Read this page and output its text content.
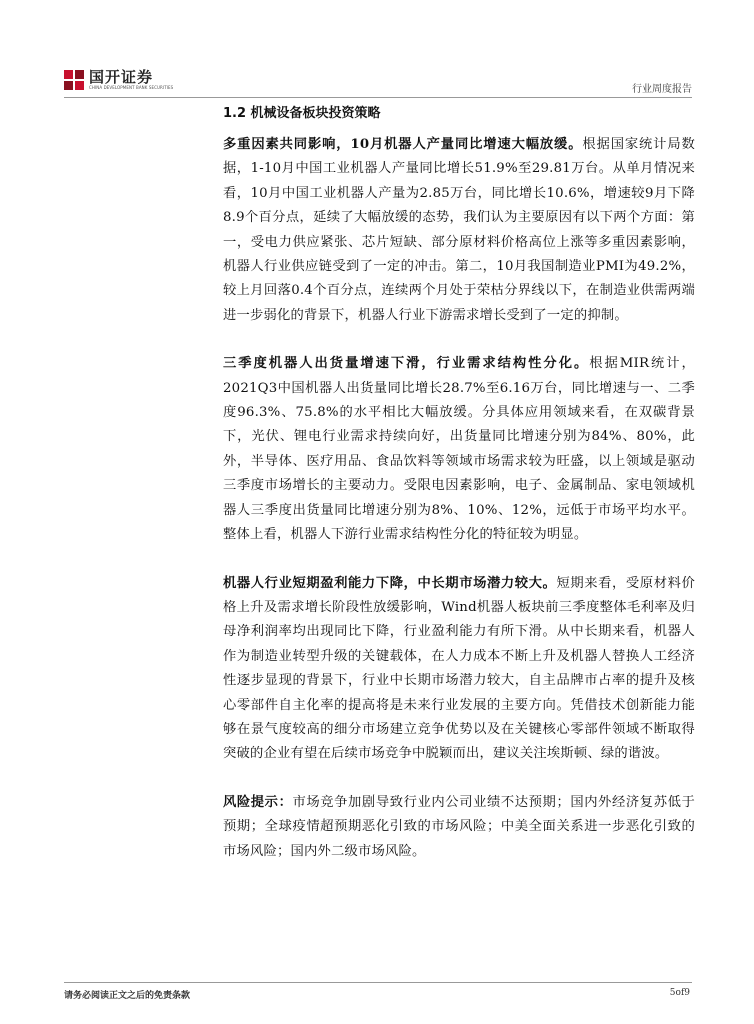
国开证券
CHINA DEVELOPMENT BANK SECURITIES	行业周度报告
1.2 机械设备板块投资策略

多重因素共同影响，10月机器人产量同比增速大幅放缓。根据国家统计局数据，1-10月中国工业机器人产量同比增长51.9%至29.81万台。从单月情况来看，10月中国工业机器人产量为2.85万台，同比增长10.6%，增速较9月下降8.9个百分点，延续了大幅放缓的态势，我们认为主要原因有以下两个方面：第一，受电力供应紧张、芯片短缺、部分原材料价格高位上涨等多重因素影响，机器人行业供应链受到了一定的冲击。第二，10月我国制造业PMI为49.2%，较上月回落0.4个百分点，连续两个月处于荣枯分界线以下，在制造业供需两端进一步弱化的背景下，机器人行业下游需求增长受到了一定的抑制。

三季度机器人出货量增速下滑，行业需求结构性分化。根据MIR统计，2021Q3中国机器人出货量同比增长28.7%至6.16万台，同比增速与一、二季度96.3%、75.8%的水平相比大幅放缓。分具体应用领域来看，在双碳背景下，光伏、锂电行业需求持续向好，出货量同比增速分别为84%、80%，此外，半导体、医疗用品、食品饮料等领域市场需求较为旺盛，以上领域是驱动三季度市场增长的主要动力。受限电因素影响，电子、金属制品、家电领域机器人三季度出货量同比增速分别为8%、10%、12%，远低于市场平均水平。整体上看，机器人下游行业需求结构性分化的特征较为明显。

机器人行业短期盈利能力下降，中长期市场潜力较大。短期来看，受原材料价格上升及需求增长阶段性放缓影响，Wind机器人板块前三季度整体毛利率及归母净利润率均出现同比下降，行业盈利能力有所下滑。从中长期来看，机器人作为制造业转型升级的关键载体，在人力成本不断上升及机器人替换人工经济性逐步显现的背景下，行业中长期市场潜力较大，自主品牌市占率的提升及核心零部件自主化率的提高将是未来行业发展的主要方向。凭借技术创新能力能够在景气度较高的细分市场建立竞争优势以及在关键核心零部件领域不断取得突破的企业有望在后续市场竞争中脱颖而出，建议关注埃斯顿、绿的谐波。

风险提示：市场竞争加剧导致行业内公司业绩不达预期；国内外经济复苏低于预期；全球疫情超预期恶化引致的市场风险；中美全面关系进一步恶化引致的市场风险；国内外二级市场风险。

请务必阅读正文之后的免责条款	5of9
